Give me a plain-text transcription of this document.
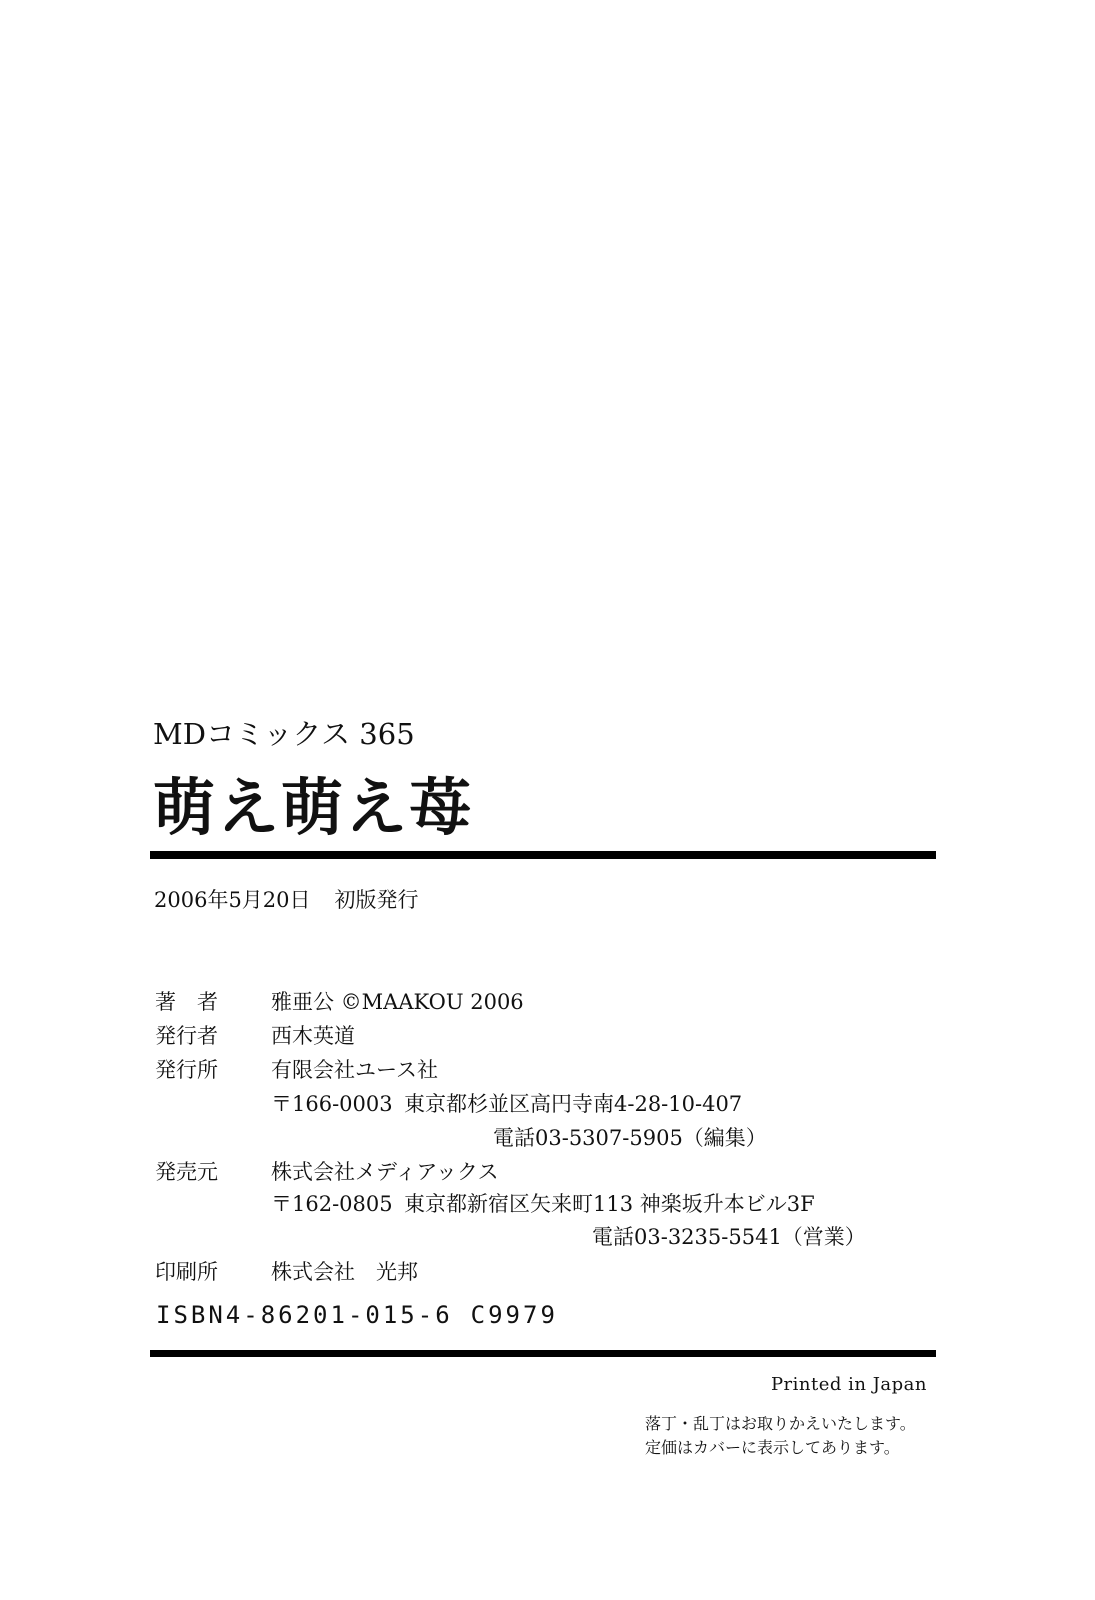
MDコミックス 365
萌え萌え苺
2006年5月20日 初版発行
著　者	雅亜公 ©MAAKOU 2006
発行者	西木英道
発行所	有限会社ユース社
〒166-0003 東京都杉並区高円寺南4-28-10-407
電話03-5307-5905（編集）
発売元	株式会社メディアックス
〒162-0805 東京都新宿区矢来町113 神楽坂升本ビル3F
電話03-3235-5541（営業）
印刷所	株式会社　光邦
ISBN4-86201-015-6 C9979
Printed in Japan
落丁・乱丁はお取りかえいたします。
定価はカバーに表示してあります。
